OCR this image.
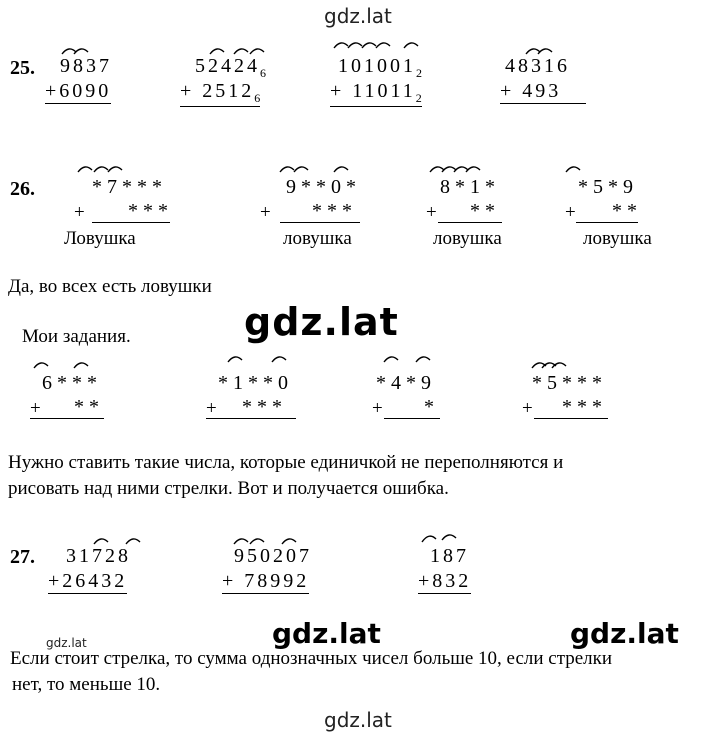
gdz.lat
gdz.lat
gdz.lat	gdz.lat	gdz.lat
gdz.lat
25. 9837
+6090
$52424_6$
+ $2512_6$
$101001_2$
+ $11011_2$
48316
+ 493
26.	*7***
+ ***
Ловушка
9**0*
+ ***
ловушка
8*1*
+ **
ловушка
*5*9
+ **
ловушка
Да, во всех есть ловушки
Мои задания.
6***
+ **
*1**0
+ ***
*4*9
+ *
*5***
+ ***
Нужно ставить такие числа, которые единичкой не переполняются и
рисовать над ними стрелки. Вот и получается ошибка.
27. 31728
+26432
950207
+ 78992
187
+832
Если стоит стрелка, то сумма однозначных чисел больше 10, если стрелки
нет, то меньше 10.
